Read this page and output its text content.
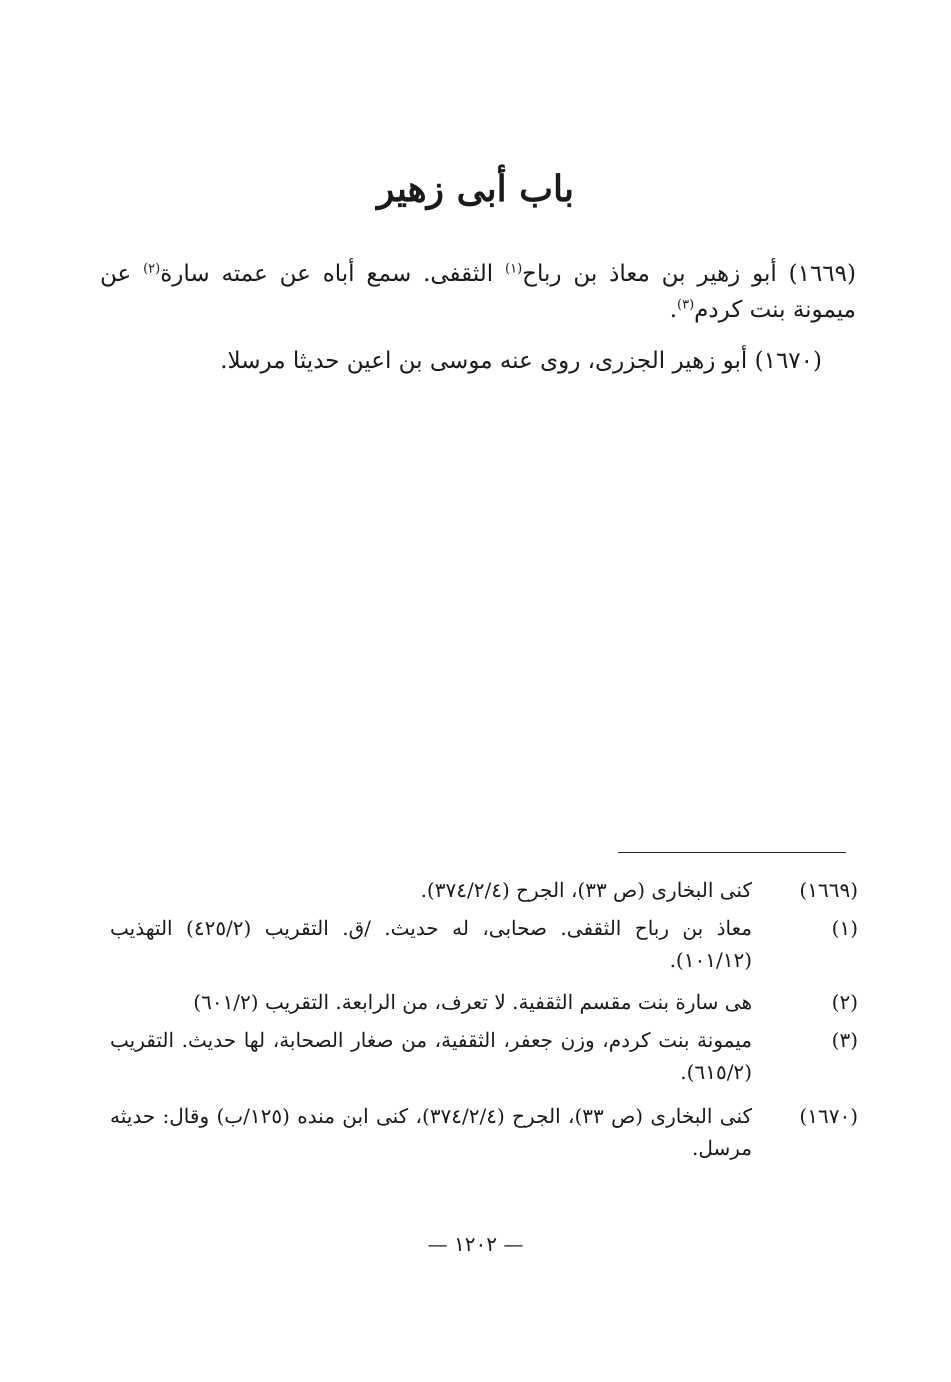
باب أبى زهير
(١٦٦٩) أبو زهير بن معاذ بن رباح$^{(١)}$ الثقفى. سمع أباه عن عمته سارة$^{(٢)}$ عن ميمونة بنت كردم$^{(٣)}$.
(١٦٧٠) أبو زهير الجزرى، روى عنه موسى بن اعين حديثا مرسلا.
(١٦٦٩)
كنى البخارى (ص ٣٣)، الجرح (٣٧٤/٢/٤).
(١)
معاذ بن رباح الثقفى. صحابى، له حديث. /ق. التقريب (٤٢٥/٢) التهذيب (١٠١/١٢).
(٢)
هى سارة بنت مقسم الثقفية. لا تعرف، من الرابعة. التقريب (٦٠١/٢)
(٣)
ميمونة بنت كردم، وزن جعفر، الثقفية، من صغار الصحابة، لها حديث. التقريب (٦١٥/٢).
(١٦٧٠)
كنى البخارى (ص ٣٣)، الجرح (٣٧٤/٢/٤)، كنى ابن منده (١٢٥/ب) وقال: حديثه مرسل.
— ١٢٠٢ —
